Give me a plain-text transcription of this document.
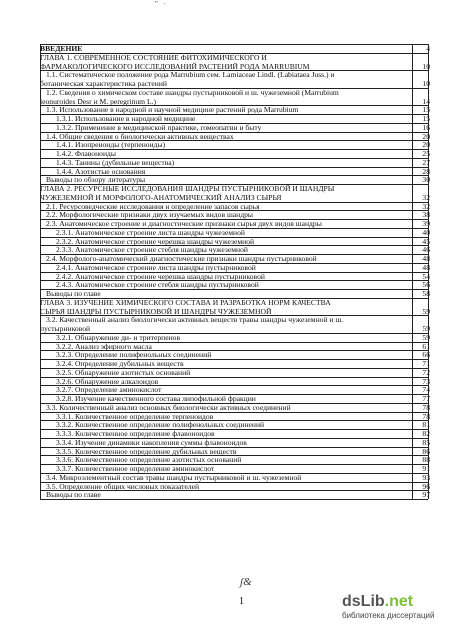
" ·
ВВЕДЕНИЕ	4
ГЛАВА 1. СОВРЕМЕННОЕ СОСТОЯНИЕ ФИТОХИМИЧЕСКОГО И
ФАРМАКОЛОГИЧЕСКОГО ИССЛЕДОВАНИЙ РАСТЕНИЙ РОДА MARRUBIUM	10
1.1. Систематическое положение рода Marrubium сем. Lamiaceae Lindl. (Labiataea Juss.) и
ботаническая характеристика растений	10
1.2. Сведения о химическом составе шандры пустырниковой и ш. чужеземной (Marrubium
leonuroides Desr и M. peregrinum L.)	14
1.3. Использование в народной и научной медицине растений рода Marrubium	15
1.3.1. Использование в народной медицине	15
1.3.2. Применение в медицинской практике, гомеопатии и быту	16
1.4. Общие сведения о биологически активных веществах	20
1.4.1. Изопреноиды (терпеноиды)	20
1.4.2. Флавоноиды	25
1.4.3. Танины (дубильные вещества)	27
1.4.4. Азотистые основания	28
Выводы по обзору литературы	30
ГЛАВА 2. РЕСУРСНЫЕ ИССЛЕДОВАНИЯ ШАНДРЫ ПУСТЫРНИКОВОЙ И ШАНДРЫ
ЧУЖЕЗЕМНОЙ И МОРФОЛОГО-АНАТОМИЧЕСКИЙ АНАЛИЗ СЫРЬЯ	32
2.1. Ресурсоведческие исследования и определение запасов сырья	32
2.2. Морфологические признаки двух изучаемых видов шандры	38
2.3. Анатомическое строение и диагностические признаки сырья двух видов шандры	39
2.3.1. Анатомическое строение листа шандры чужеземной	40
2.3.2. Анатомическое строение черешка шандры чужеземной	45
2.3.3. Анатомическое строение стебля шандры чужеземной	46
2.4. Морфолого-анатомический диагностические признаки шандры пустырниковой	48
2.4.1. Анатомическое строение листа шандры пустырниковой	48
2.4.2. Анатомическое строение черешка шандры пустырниковой	54
2.4.3. Анатомическое строение стебля шандры пустырниковой	56
Выводы по главе	58
ГЛАВА 3. ИЗУЧЕНИЕ ХИМИЧЕСКОГО СОСТАВА И РАЗРАБОТКА НОРМ КАЧЕСТВА
СЫРЬЯ ШАНДРЫ ПУСТЫРНИКОВОЙ И ШАНДРЫ ЧУЖЕЗЕМНОЙ	59
3.2. Качественный анализ биологически активных веществ травы шандры чужеземной и ш.
пустырниковой	59
3.2.1. Обнаружение ди- и тритерпенов	59
3.2.2. Анализ эфирного масла	61
3.2.3. Определение полифенольных соединений	66
3.2.4. Определение дубильных веществ	71
3.2.5. Обнаружение азотистых оснований	72
3.2.6. Обнаружение алкалоидов	73
3.2.7. Определение аминокислот	74
3.2.8. Изучение качественного состава липофильной фракции	77
3.3. Количественный анализ основных биологически активных соединений	78
3.3.1. Количественное определение терпеноидов	78
3.3.2. Количественное определение полифенольных соединений	81
3.3.3. Количественное определение флавоноидов	82
3.3.4. Изучение динамики накопления суммы флавоноидов	85
3.3.5. Количественное определение дубильных веществ	86
3.3.6. Количественное определение азотистых оснований	88
3.3.7. Количественное определение аминокислот	91
3.4. Микроэлементный состав травы шандры пустырниковой и ш. чужеземной	93
3.5. Определение общих числовых показателей	96
Выводы по главе	97
ʃ&
1	dsLib.net
библиотека диссертаций
